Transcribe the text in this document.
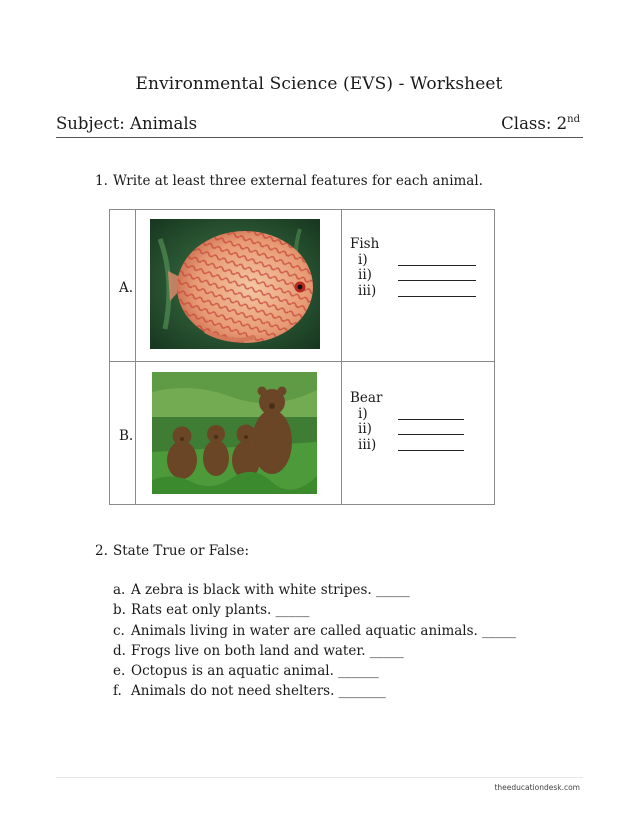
Environmental Science (EVS) - Worksheet
Subject: Animals	Class: 2nd
1. Write at least three external features for each animal.
A.
B.
Fish
i)
ii)
iii)
Bear
i)
ii)
iii)
2. State True or False:
a. A zebra is black with white stripes. _____
b. Rats eat only plants. _____
c. Animals living in water are called aquatic animals. _____
d. Frogs live on both land and water. _____
e. Octopus is an aquatic animal. ______
f. Animals do not need shelters. _______
theeducationdesk.com
